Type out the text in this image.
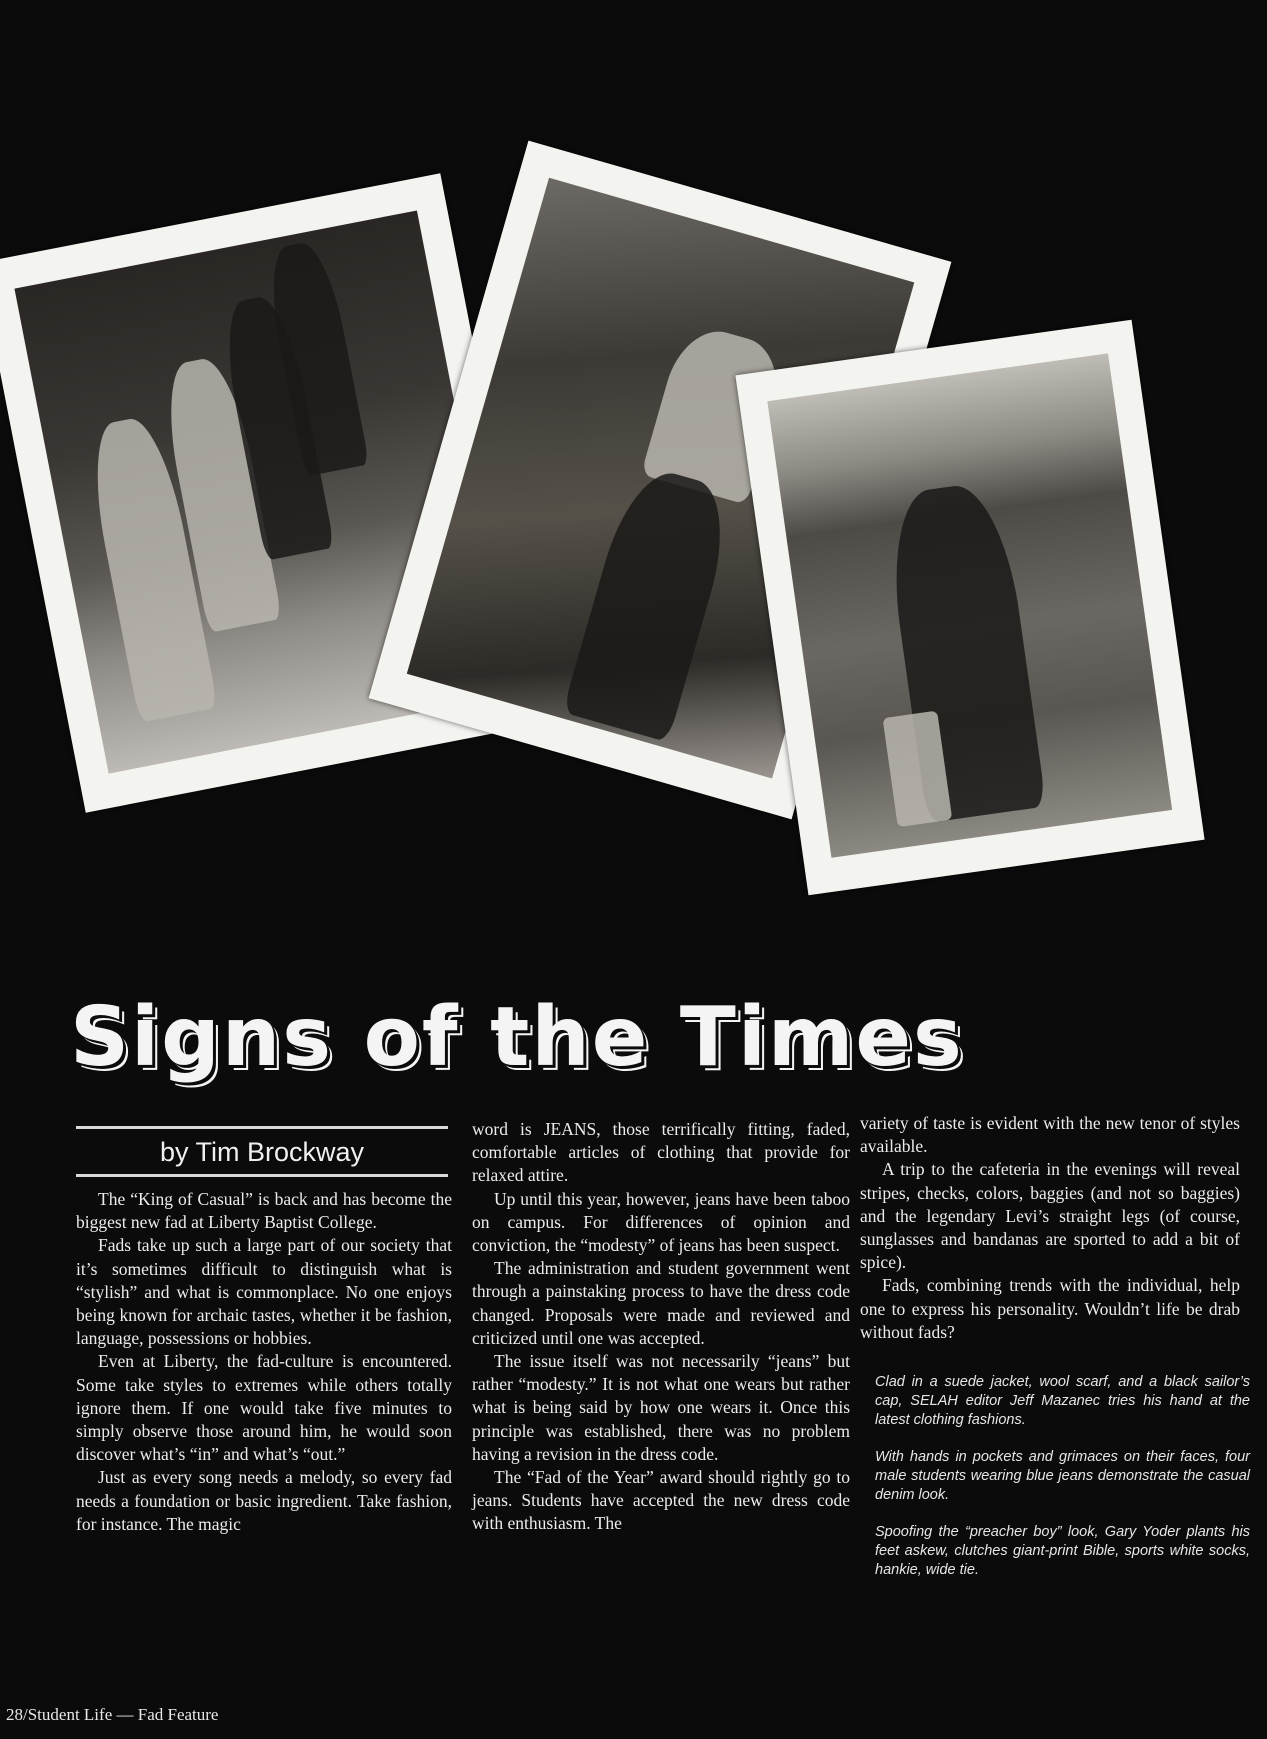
Signs of the Times
by Tim Brockway

The “King of Casual” is back and has become the biggest new fad at Liberty Baptist College.

Fads take up such a large part of our society that it’s sometimes difficult to distinguish what is “stylish” and what is commonplace. No one enjoys being known for archaic tastes, whether it be fashion, language, possessions or hobbies.

Even at Liberty, the fad-culture is encountered. Some take styles to extremes while others totally ignore them. If one would take five minutes to simply observe those around him, he would soon discover what’s “in” and what’s “out.”

Just as every song needs a melody, so every fad needs a foundation or basic ingredient. Take fashion, for instance. The magic

word is JEANS, those terrifically fitting, faded, comfortable articles of clothing that provide for relaxed attire.

Up until this year, however, jeans have been taboo on campus. For differences of opinion and conviction, the “modesty” of jeans has been suspect.

The administration and student government went through a painstaking process to have the dress code changed. Proposals were made and reviewed and criticized until one was accepted.

The issue itself was not necessarily “jeans” but rather “modesty.” It is not what one wears but rather what is being said by how one wears it. Once this principle was established, there was no problem having a revision in the dress code.

The “Fad of the Year” award should rightly go to jeans. Students have accepted the new dress code with enthusiasm. The

variety of taste is evident with the new tenor of styles available.

A trip to the cafeteria in the evenings will reveal stripes, checks, colors, baggies (and not so baggies) and the legendary Levi’s straight legs (of course, sunglasses and bandanas are sported to add a bit of spice).

Fads, combining trends with the individual, help one to express his personality. Wouldn’t life be drab without fads?

Clad in a suede jacket, wool scarf, and a black sailor’s cap, SELAH editor Jeff Mazanec tries his hand at the latest clothing fashions.

With hands in pockets and grimaces on their faces, four male students wearing blue jeans demonstrate the casual denim look.

Spoofing the “preacher boy” look, Gary Yoder plants his feet askew, clutches giant-print Bible, sports white socks, hankie, wide tie.

28/Student Life — Fad Feature
